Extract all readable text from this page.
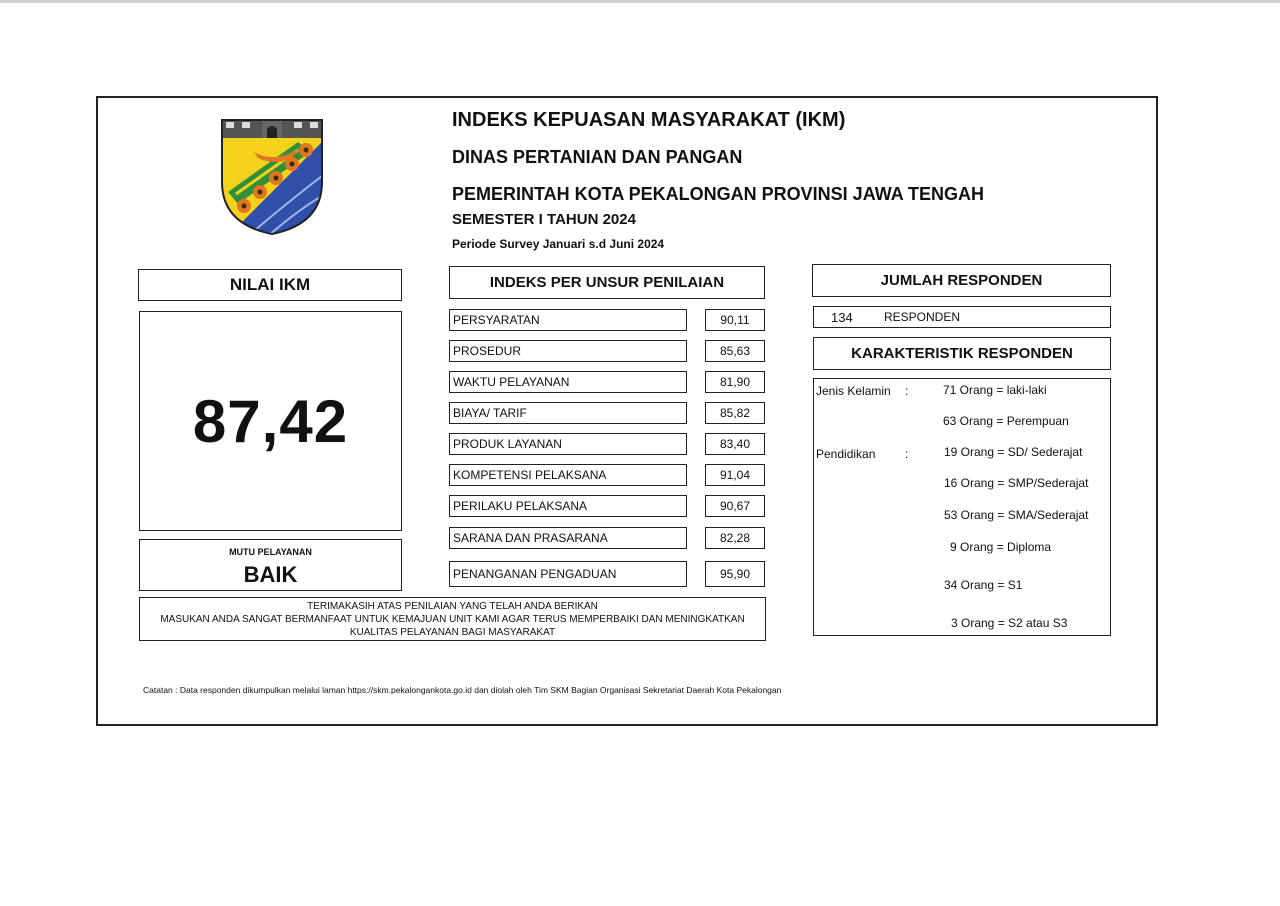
INDEKS KEPUASAN MASYARAKAT (IKM)
DINAS PERTANIAN DAN PANGAN
PEMERINTAH KOTA PEKALONGAN PROVINSI JAWA TENGAH
SEMESTER I TAHUN 2024
Periode Survey Januari s.d Juni 2024
NILAI IKM
87,42
MUTU PELAYANAN
BAIK
INDEKS PER UNSUR PENILAIAN
PERSYARATAN	90,11
PROSEDUR	85,63
WAKTU PELAYANAN	81,90
BIAYA/ TARIF	85,82
PRODUK LAYANAN	83,40
KOMPETENSI PELAKSANA	91,04
PERILAKU PELAKSANA	90,67
SARANA DAN PRASARANA	82,28
PENANGANAN PENGADUAN	95,90
TERIMAKASIH ATAS PENILAIAN YANG TELAH ANDA BERIKAN
MASUKAN ANDA SANGAT BERMANFAAT UNTUK KEMAJUAN UNIT KAMI AGAR TERUS MEMPERBAIKI DAN MENINGKATKAN
KUALITAS PELAYANAN BAGI MASYARAKAT
JUMLAH RESPONDEN
134	RESPONDEN
KARAKTERISTIK RESPONDEN
Jenis Kelamin :	71 Orang = laki-laki
63 Orang = Perempuan
Pendidikan :	19 Orang = SD/ Sederajat
16 Orang = SMP/Sederajat
53 Orang = SMA/Sederajat
9 Orang = Diploma
34 Orang = S1
3 Orang = S2 atau S3
Catatan : Data responden dikumpulkan melalui laman https://skm.pekalongankota.go.id dan diolah oleh Tim SKM Bagian Organisasi Sekretariat Daerah Kota Pekalongan
